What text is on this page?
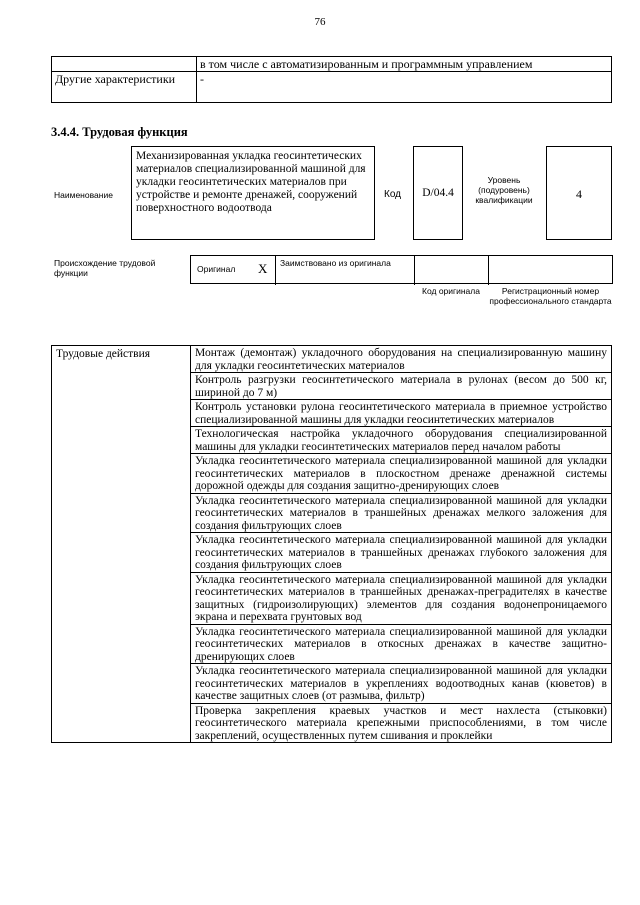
76
	в том числе с автоматизированным и программным управлением
Другие характеристики	-
3.4.4. Трудовая функция
Наименование
Механизированная укладка геосинтетических материалов специализированной машиной для укладки геосинтетических материалов при устройстве и ремонте дренажей, сооружений поверхностного водоотвода
Код	D/04.4
Уровень (подуровень) квалификации	4
Происхождение трудовой функции	Оригинал X Заимствовано из оригинала
Код оригинала	Регистрационный номер профессионального стандарта
Трудовые действия	Монтаж (демонтаж) укладочного оборудования на специализированную машину для укладки геосинтетических материалов
Контроль разгрузки геосинтетического материала в рулонах (весом до 500 кг, шириной до 7 м)
Контроль установки рулона геосинтетического материала в приемное устройство специализированной машины для укладки геосинтетических материалов
Технологическая настройка укладочного оборудования специализированной машины для укладки геосинтетических материалов перед началом работы
Укладка геосинтетического материала специализированной машиной для укладки геосинтетических материалов в плоскостном дренаже дренажной системы дорожной одежды для создания защитно-дренирующих слоев
Укладка геосинтетического материала специализированной машиной для укладки геосинтетических материалов в траншейных дренажах мелкого заложения для создания фильтрующих слоев
Укладка геосинтетического материала специализированной машиной для укладки геосинтетических материалов в траншейных дренажах глубокого заложения для создания фильтрующих слоев
Укладка геосинтетического материала специализированной машиной для укладки геосинтетических материалов в траншейных дренажах-преградителях в качестве защитных (гидроизолирующих) элементов для создания водонепроницаемого экрана и перехвата грунтовых вод
Укладка геосинтетического материала специализированной машиной для укладки геосинтетических материалов в откосных дренажах в качестве защитно-дренирующих слоев
Укладка геосинтетического материала специализированной машиной для укладки геосинтетических материалов в укреплениях водоотводных канав (кюветов) в качестве защитных слоев (от размыва, фильтр)
Проверка закрепления краевых участков и мест нахлеста (стыковки) геосинтетического материала крепежными приспособлениями, в том числе закреплений, осуществленных путем сшивания и проклейки
